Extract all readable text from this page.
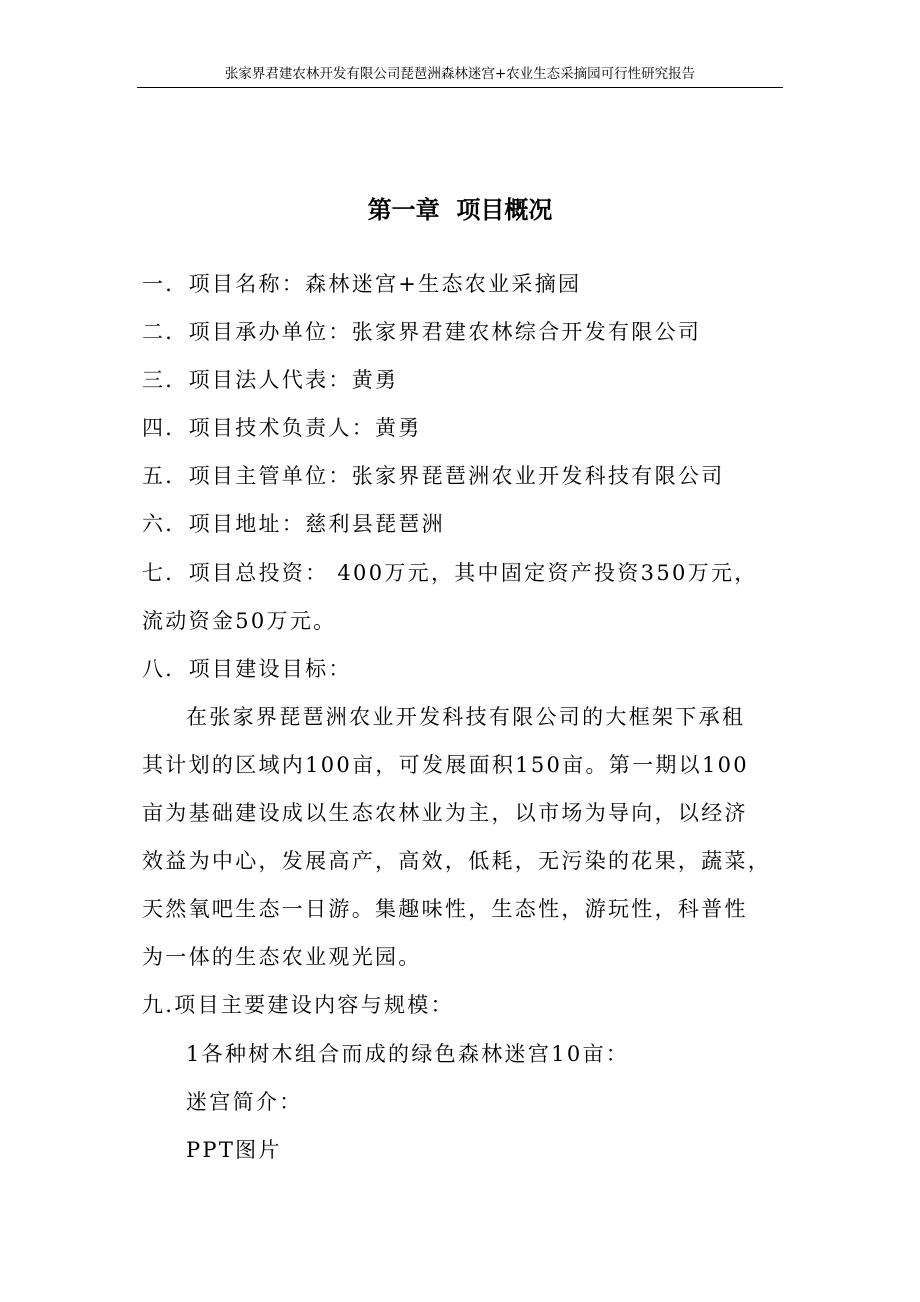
张家界君建农林开发有限公司琵琶洲森林迷宫+农业生态采摘园可行性研究报告
第一章  项目概况
一．项目名称：森林迷宫+生态农业采摘园
二．项目承办单位：张家界君建农林综合开发有限公司
三．项目法人代表：黄勇
四．项目技术负责人：黄勇
五．项目主管单位：张家界琵琶洲农业开发科技有限公司
六．项目地址：慈利县琵琶洲
七．项目总投资： 400万元，其中固定资产投资350万元，
流动资金50万元。
八．项目建设目标：
在张家界琵琶洲农业开发科技有限公司的大框架下承租
其计划的区域内100亩，可发展面积150亩。第一期以100
亩为基础建设成以生态农林业为主，以市场为导向，以经济
效益为中心，发展高产，高效，低耗，无污染的花果，蔬菜，
天然氧吧生态一日游。集趣味性，生态性，游玩性，科普性
为一体的生态农业观光园。
九.项目主要建设内容与规模：
1各种树木组合而成的绿色森林迷宫10亩：
迷宫简介：
PPT图片
